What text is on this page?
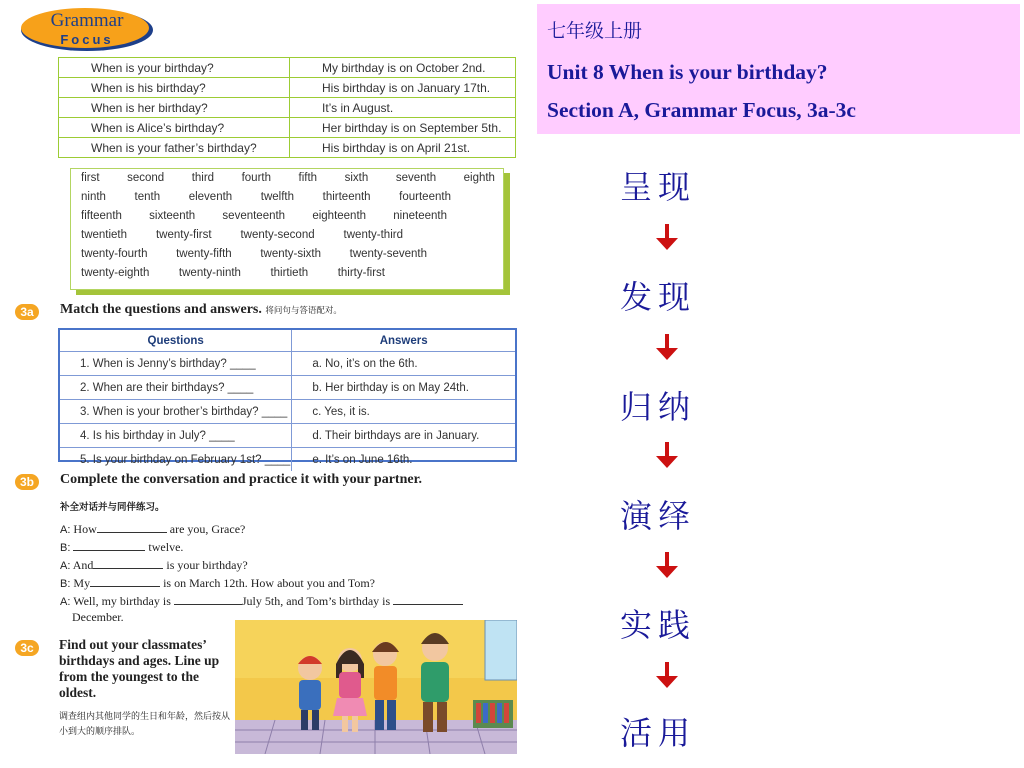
Grammar
Focus
When is your birthday?	My birthday is on October 2nd.
When is his birthday?	His birthday is on January 17th.
When is her birthday?	It’s in August.
When is Alice’s birthday?	Her birthday is on September 5th.
When is your father’s birthday?	His birthday is on April 21st.
first second third fourth fifth sixth seventh eighth
ninth tenth eleventh twelfth thirteenth fourteenth
fifteenth sixteenth seventeenth eighteenth nineteenth
twentieth	twenty-first	twenty-second	twenty-third
twenty-fourth twenty-fifth twenty-sixth twenty-seventh
twenty-eighth	twenty-ninth	thirtieth	thirty-first
3a	Match the questions and answers. 将问句与答语配对。
Questions	Answers
1. When is Jenny’s birthday? ____	a. No, it’s on the 6th.
2. When are their birthdays? ____	b. Her birthday is on May 24th.
3. When is your brother’s birthday? ____	c. Yes, it is.
4. Is his birthday in July? ____	d. Their birthdays are in January.
5. Is your birthday on February 1st? ____	e. It’s on June 16th.
3b	Complete the conversation and practice it with your partner.
补全对话并与同伴练习。
A: How	are you, Grace?
B:	twelve.
A: And	is your birthday?
B: My	is on March 12th. How about you and Tom?
A: Well, my birthday is	July 5th, and Tom’s birthday is
December.
3c	Find out your classmates’ birthdays and ages. Line up from the youngest to the oldest.
调查组内其他同学的生日和年龄，然后按从小到大的顺序排队。
七年级上册
Unit 8 When is your birthday?
Section A, Grammar Focus, 3a-3c
呈现
发现
归纳
演绎
实践
活用
